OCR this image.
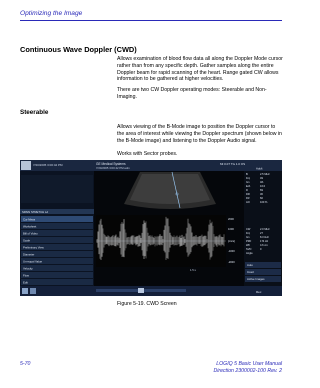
Optimizing the Image

Continuous Wave Doppler (CWD)

Allows examination of blood flow data all along the Doppler Mode cursor rather than from any specific depth. Gather samples along the entire Doppler beam for rapid scanning of the heart. Range gated CW allows information to be gathered at higher velocities.

There are two CW Doppler operating modes: Steerable and Non-Imaging.

Steerable

Allows viewing of the B-Mode image to position the Doppler cursor to the area of interest while viewing the Doppler spectrum (shown below in the B-Mode image) and listening to the Doppler Audio signal.

Works with Sector probes.

7/20/2005 3:00:42 PM	GE Medical Systems
7/20/2005 3:00:42 PM adm
MI 0.07 TIs 1.0 OS
Adult
SPAIN STRETCH Ld
Cur Meas
Worksheet
Bill of Video
Scale
Preliminary View
Diameter
Un-equal Value
Velocity
Flow
Edit
2000
1000
[cm/s]
-1000
-2000
1.5 s
B	2.5 MHz
Frq	49
Gn	3/1
E/A	16.0
D	69
DR	30
FR	60
AO	100 %
CW	2.0 MHz
Frq	27
Gn	8.3 kHz
PRF	174 Hz
WF	4.6 cm
SVD	0
Angle
Auto
Invert
Active Images
Rec
Figure 5-19. CWD Screen
5-70	LOGIQ 5 Basic User Manual
Direction 2300002-100 Rev. 2
